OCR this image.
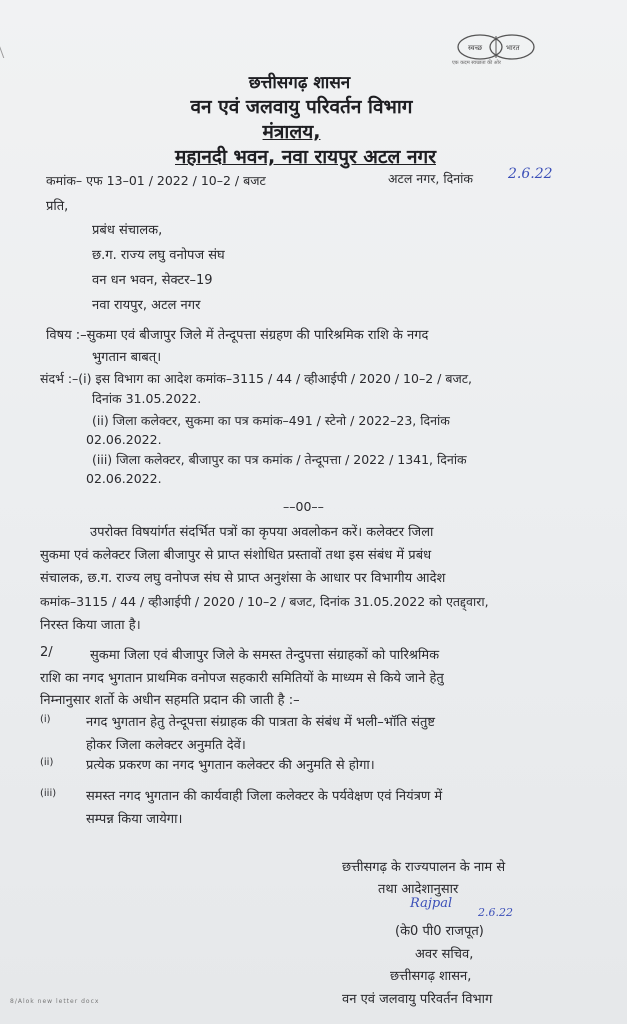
स्वच्छ	भारत
एक कदम स्वच्छता की ओर
छत्तीसगढ़ शासन
वन एवं जलवायु परिवर्तन विभाग
मंत्रालय,
महानदी भवन, नवा रायपुर अटल नगर
कमांक– एफ 13–01 / 2022 / 10–2 / बजट	अटल नगर, दिनांक	2.6.22
प्रति,
प्रबंध संचालक,
छ.ग. राज्य लघु वनोपज संघ
वन धन भवन, सेक्टर–19
नवा रायपुर, अटल नगर
विषय :–सुकमा एवं बीजापुर जिले में तेन्दूपत्ता संग्रहण की पारिश्रमिक राशि के नगद
भुगतान बाबत्।
संदर्भ :–(i) इस विभाग का आदेश कमांक–3115 / 44 / व्हीआईपी / 2020 / 10–2 / बजट,
दिनांक 31.05.2022.
(ii) जिला कलेक्टर, सुकमा का पत्र कमांक–491 / स्टेनो / 2022–23, दिनांक
02.06.2022.
(iii) जिला कलेक्टर, बीजापुर का पत्र कमांक / तेन्दूपत्ता / 2022 / 1341, दिनांक
02.06.2022.
––00––
उपरोक्त विषयांर्गत संदर्भित पत्रों का कृपया अवलोकन करें। कलेक्टर जिला
सुकमा एवं कलेक्टर जिला बीजापुर से प्राप्त संशोधित प्रस्तावों तथा इस संबंध में प्रबंध
संचालक, छ.ग. राज्य लघु वनोपज संघ से प्राप्त अनुशंसा के आधार पर विभागीय आदेश
कमांक–3115 / 44 / व्हीआईपी / 2020 / 10–2 / बजट, दिनांक 31.05.2022 को एतद्द्वारा,
निरस्त किया जाता है।
2/	सुकमा जिला एवं बीजापुर जिले के समस्त तेन्दुपत्ता संग्राहकों को पारिश्रमिक
राशि का नगद भुगतान प्राथमिक वनोपज सहकारी समितियों के माध्यम से किये जाने हेतु
निम्नानुसार शर्तो के अधीन सहमति प्रदान की जाती है :–
(i)	नगद भुगतान हेतु तेन्दूपत्ता संग्राहक की पात्रता के संबंध में भली–भॉति संतुष्ट
होकर जिला कलेक्टर अनुमति देवें।
(ii)	प्रत्येक प्रकरण का नगद भुगतान कलेक्टर की अनुमति से होगा।
(iii) समस्त नगद भुगतान की कार्यवाही जिला कलेक्टर के पर्यवेक्षण एवं नियंत्रण में
सम्पन्न किया जायेगा।
छत्तीसगढ़ के राज्यपालन के नाम से
तथा आदेशानुसार
Rajpal
2.6.22
(के0 पी0 राजपूत)
अवर सचिव,
छत्तीसगढ़ शासन,
वन एवं जलवायु परिवर्तन विभाग
8/Alok new letter docx
